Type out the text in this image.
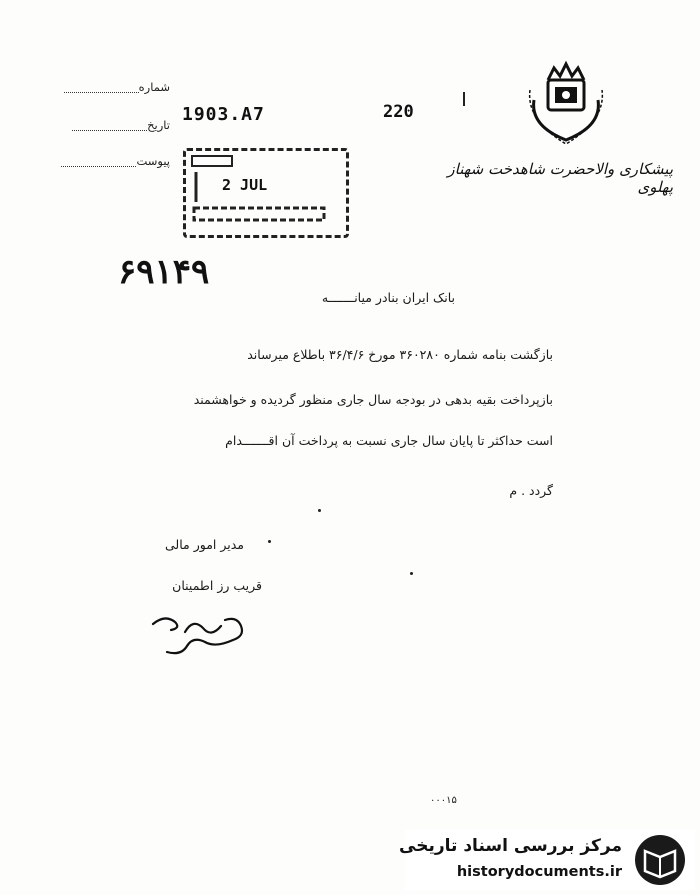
پیشکاری والاحضرت شاهدخت شهناز پهلوی
شماره
تاریخ
پیوست
1903.A7	220
2 JUL
۶۹۱۴۹
بانک ایران بنادر میانـــــــه
بازگشت بنامه شماره ۳۶۰۲۸۰ مورخ ۳۶/۴/۶ باطلاع میرساند
بازپرداخت بقیه بدهی در بودجه سال جاری منظور گردیده و خواهشمند
است حداکثر تا پایان سال جاری نسبت به پرداخت آن اقـــــــدام
گردد . م
مدیر امور مالی
قریب رز اطمینان
۰۰۰۱۵
مرکز بررسی اسناد تاریخی
historydocuments.ir
